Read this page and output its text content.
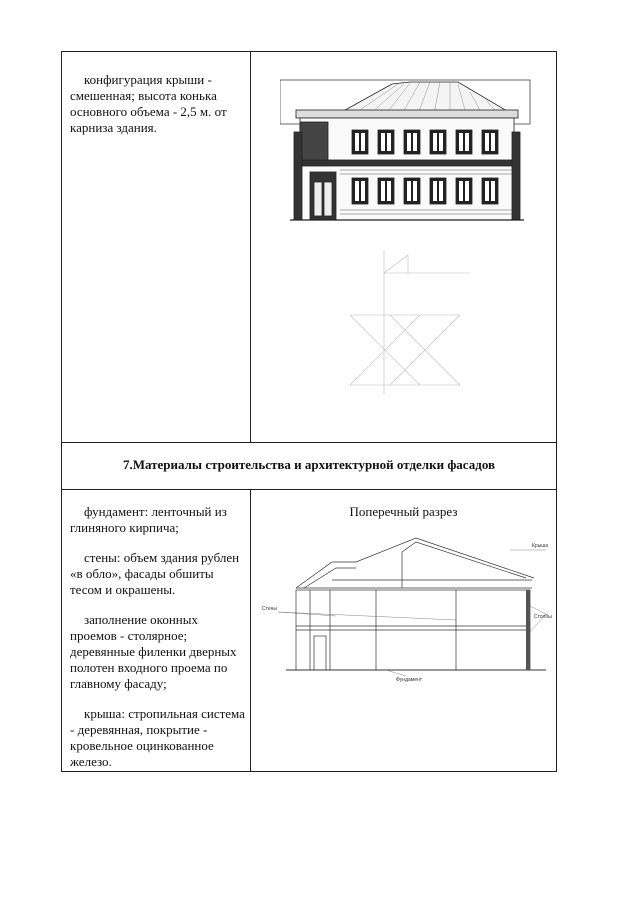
конфигурация крыши - смешенная; высота конька основного объема - 2,5 м. от карниза здания.

7.Материалы строительства и архитектурной отделки фасадов

фундамент: ленточный из глиняного кирпича;

стены: объем здания рублен «в обло», фасады обшиты тесом и окрашены.

заполнение оконных проемов - столярное; деревянные филенки дверных полотен входного проема по главному фасаду;

крыша: стропильная система - деревянная, покрытие - кровельное оцинкованное железо.

Поперечный разрез
Крыша
Стены
Столбы
Фундамент
